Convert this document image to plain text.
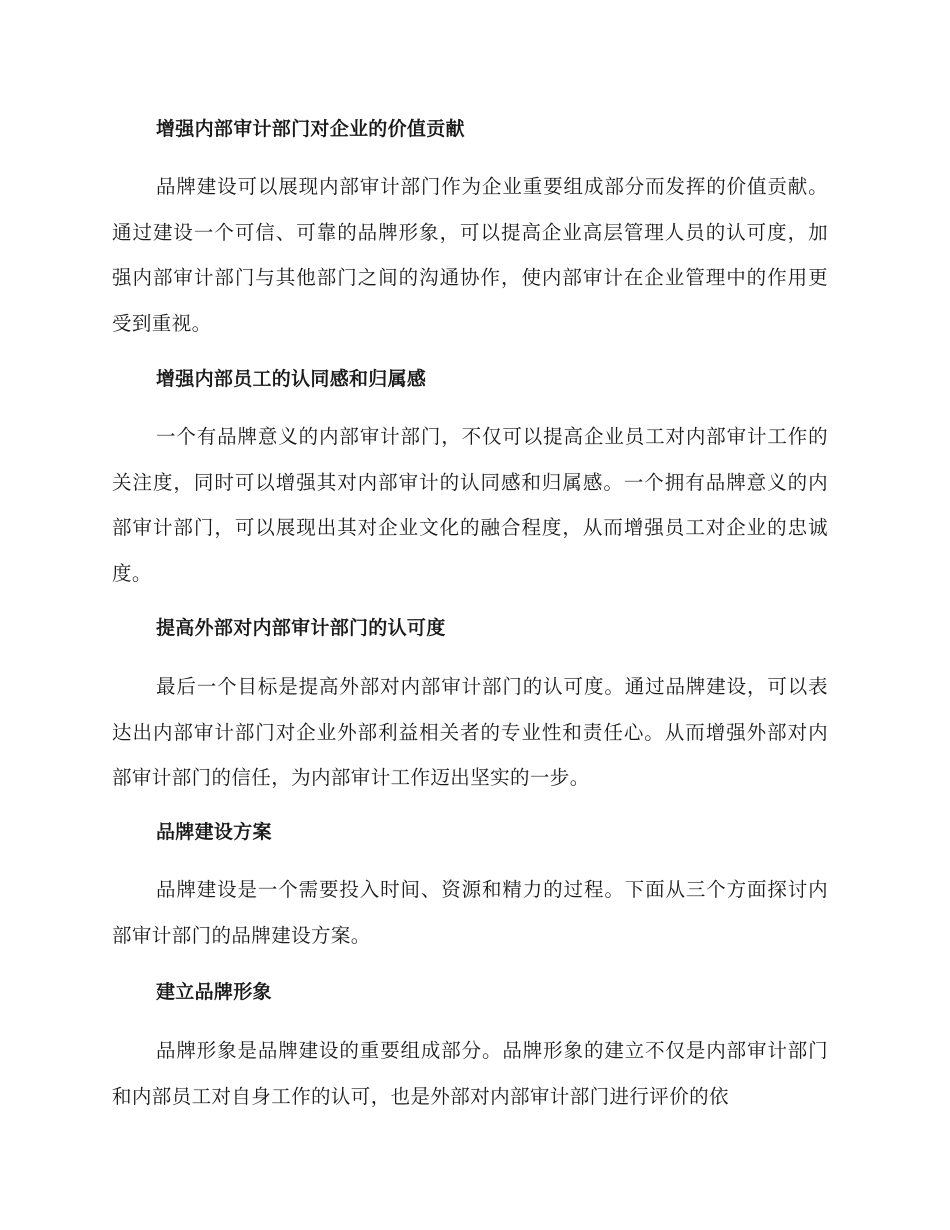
增强内部审计部门对企业的价值贡献

品牌建设可以展现内部审计部门作为企业重要组成部分而发挥的价值贡献。通过建设一个可信、可靠的品牌形象，可以提高企业高层管理人员的认可度，加强内部审计部门与其他部门之间的沟通协作，使内部审计在企业管理中的作用更受到重视。

增强内部员工的认同感和归属感

一个有品牌意义的内部审计部门，不仅可以提高企业员工对内部审计工作的关注度，同时可以增强其对内部审计的认同感和归属感。一个拥有品牌意义的内部审计部门，可以展现出其对企业文化的融合程度，从而增强员工对企业的忠诚度。

提高外部对内部审计部门的认可度

最后一个目标是提高外部对内部审计部门的认可度。通过品牌建设，可以表达出内部审计部门对企业外部利益相关者的专业性和责任心。从而增强外部对内部审计部门的信任，为内部审计工作迈出坚实的一步。

品牌建设方案

品牌建设是一个需要投入时间、资源和精力的过程。下面从三个方面探讨内部审计部门的品牌建设方案。

建立品牌形象

品牌形象是品牌建设的重要组成部分。品牌形象的建立不仅是内部审计部门和内部员工对自身工作的认可，也是外部对内部审计部门进行评价的依
